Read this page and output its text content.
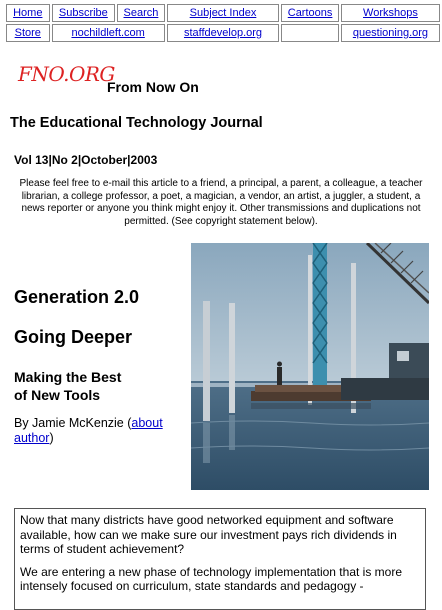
Home	Subscribe	Search	Subject Index	Cartoons	Workshops
Store	nochildleft.com		staffdevelop.org		questioning.org
FNO.ORG
From Now On
The Educational Technology Journal
Vol 13|No 2|October|2003
Please feel free to e-mail this article to a friend, a principal, a parent, a colleague, a teacher librarian, a college professor, a poet, a magician, a vendor, an artist, a juggler, a student, a news reporter or anyone you think might enjoy it. Other transmissions and duplications not permitted. (See copyright statement below).
Generation 2.0
Going Deeper
Making the Best
of New Tools
By Jamie McKenzie (about author)

Now that many districts have good networked equipment and software available, how can we make sure our investment pays rich dividends in terms of student achievement?

We are entering a new phase of technology implementation that is more intensely focused on curriculum, state standards and pedagogy -
